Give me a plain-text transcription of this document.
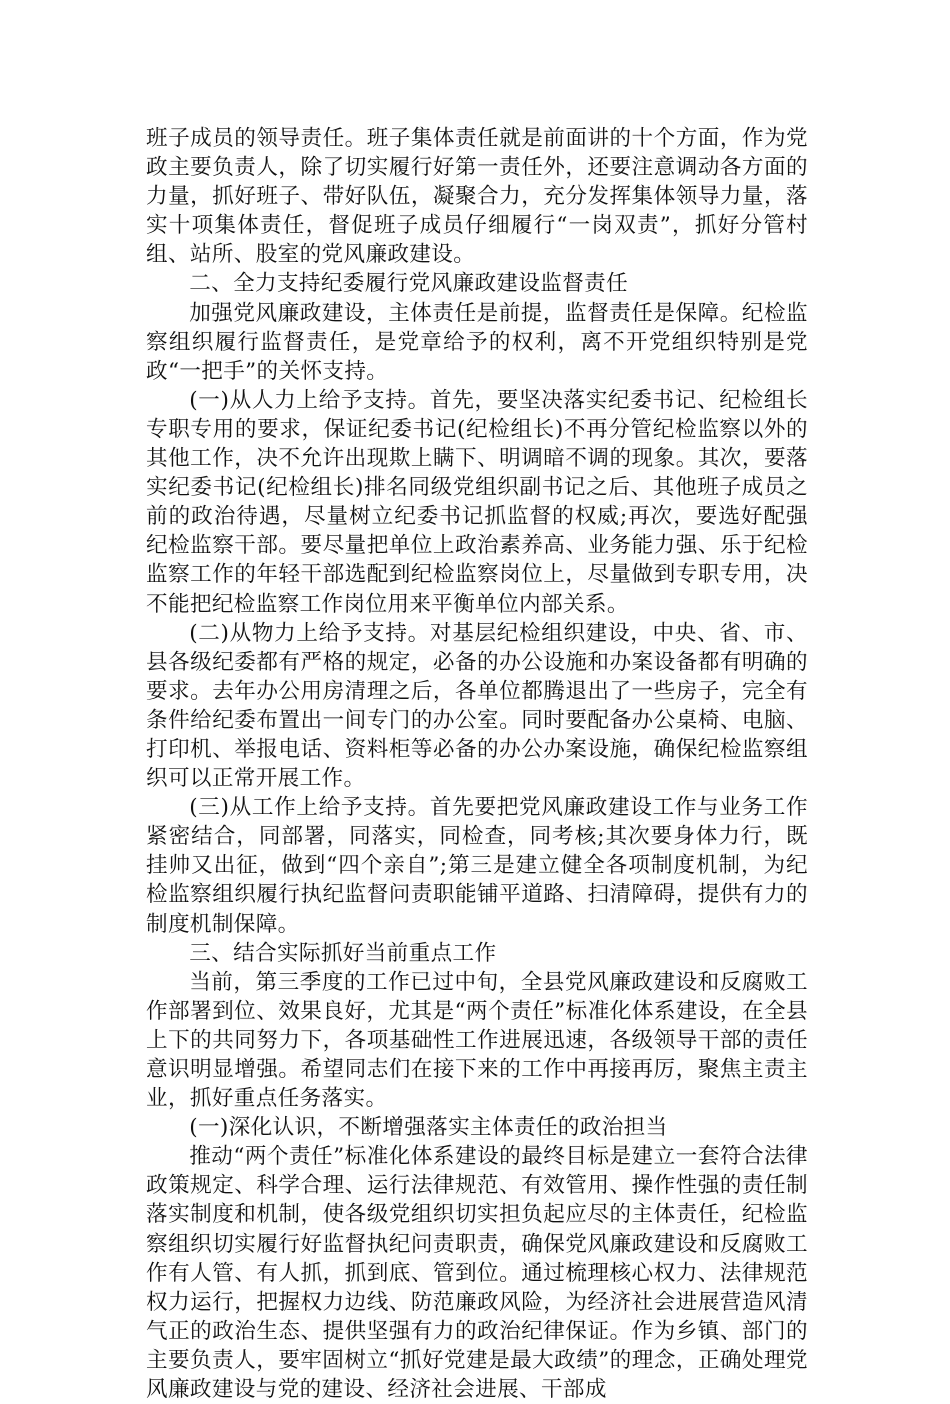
班子成员的领导责任。班子集体责任就是前面讲的十个方面，作为党政主要负责人，除了切实履行好第一责任外，还要注意调动各方面的力量，抓好班子、带好队伍，凝聚合力，充分发挥集体领导力量，落实十项集体责任，督促班子成员仔细履行“一岗双责”，抓好分管村组、站所、股室的党风廉政建设。

二、全力支持纪委履行党风廉政建设监督责任

加强党风廉政建设，主体责任是前提，监督责任是保障。纪检监察组织履行监督责任，是党章给予的权利，离不开党组织特别是党政“一把手”的关怀支持。

(一)从人力上给予支持。首先，要坚决落实纪委书记、纪检组长专职专用的要求，保证纪委书记(纪检组长)不再分管纪检监察以外的其他工作，决不允许出现欺上瞒下、明调暗不调的现象。其次，要落实纪委书记(纪检组长)排名同级党组织副书记之后、其他班子成员之前的政治待遇，尽量树立纪委书记抓监督的权威;再次，要选好配强纪检监察干部。要尽量把单位上政治素养高、业务能力强、乐于纪检监察工作的年轻干部选配到纪检监察岗位上，尽量做到专职专用，决不能把纪检监察工作岗位用来平衡单位内部关系。

(二)从物力上给予支持。对基层纪检组织建设，中央、省、市、县各级纪委都有严格的规定，必备的办公设施和办案设备都有明确的要求。去年办公用房清理之后，各单位都腾退出了一些房子，完全有条件给纪委布置出一间专门的办公室。同时要配备办公桌椅、电脑、打印机、举报电话、资料柜等必备的办公办案设施，确保纪检监察组织可以正常开展工作。

(三)从工作上给予支持。首先要把党风廉政建设工作与业务工作紧密结合，同部署，同落实，同检查，同考核;其次要身体力行，既挂帅又出征，做到“四个亲自”;第三是建立健全各项制度机制，为纪检监察组织履行执纪监督问责职能铺平道路、扫清障碍，提供有力的制度机制保障。

三、结合实际抓好当前重点工作

当前，第三季度的工作已过中旬，全县党风廉政建设和反腐败工作部署到位、效果良好，尤其是“两个责任”标准化体系建设，在全县上下的共同努力下，各项基础性工作进展迅速，各级领导干部的责任意识明显增强。希望同志们在接下来的工作中再接再厉，聚焦主责主业，抓好重点任务落实。

(一)深化认识，不断增强落实主体责任的政治担当

推动“两个责任”标准化体系建设的最终目标是建立一套符合法律政策规定、科学合理、运行法律规范、有效管用、操作性强的责任制落实制度和机制，使各级党组织切实担负起应尽的主体责任，纪检监察组织切实履行好监督执纪问责职责，确保党风廉政建设和反腐败工作有人管、有人抓，抓到底、管到位。通过梳理核心权力、法律规范权力运行，把握权力边线、防范廉政风险，为经济社会进展营造风清气正的政治生态、提供坚强有力的政治纪律保证。作为乡镇、部门的主要负责人，要牢固树立“抓好党建是最大政绩”的理念，正确处理党风廉政建设与党的建设、经济社会进展、干部成
